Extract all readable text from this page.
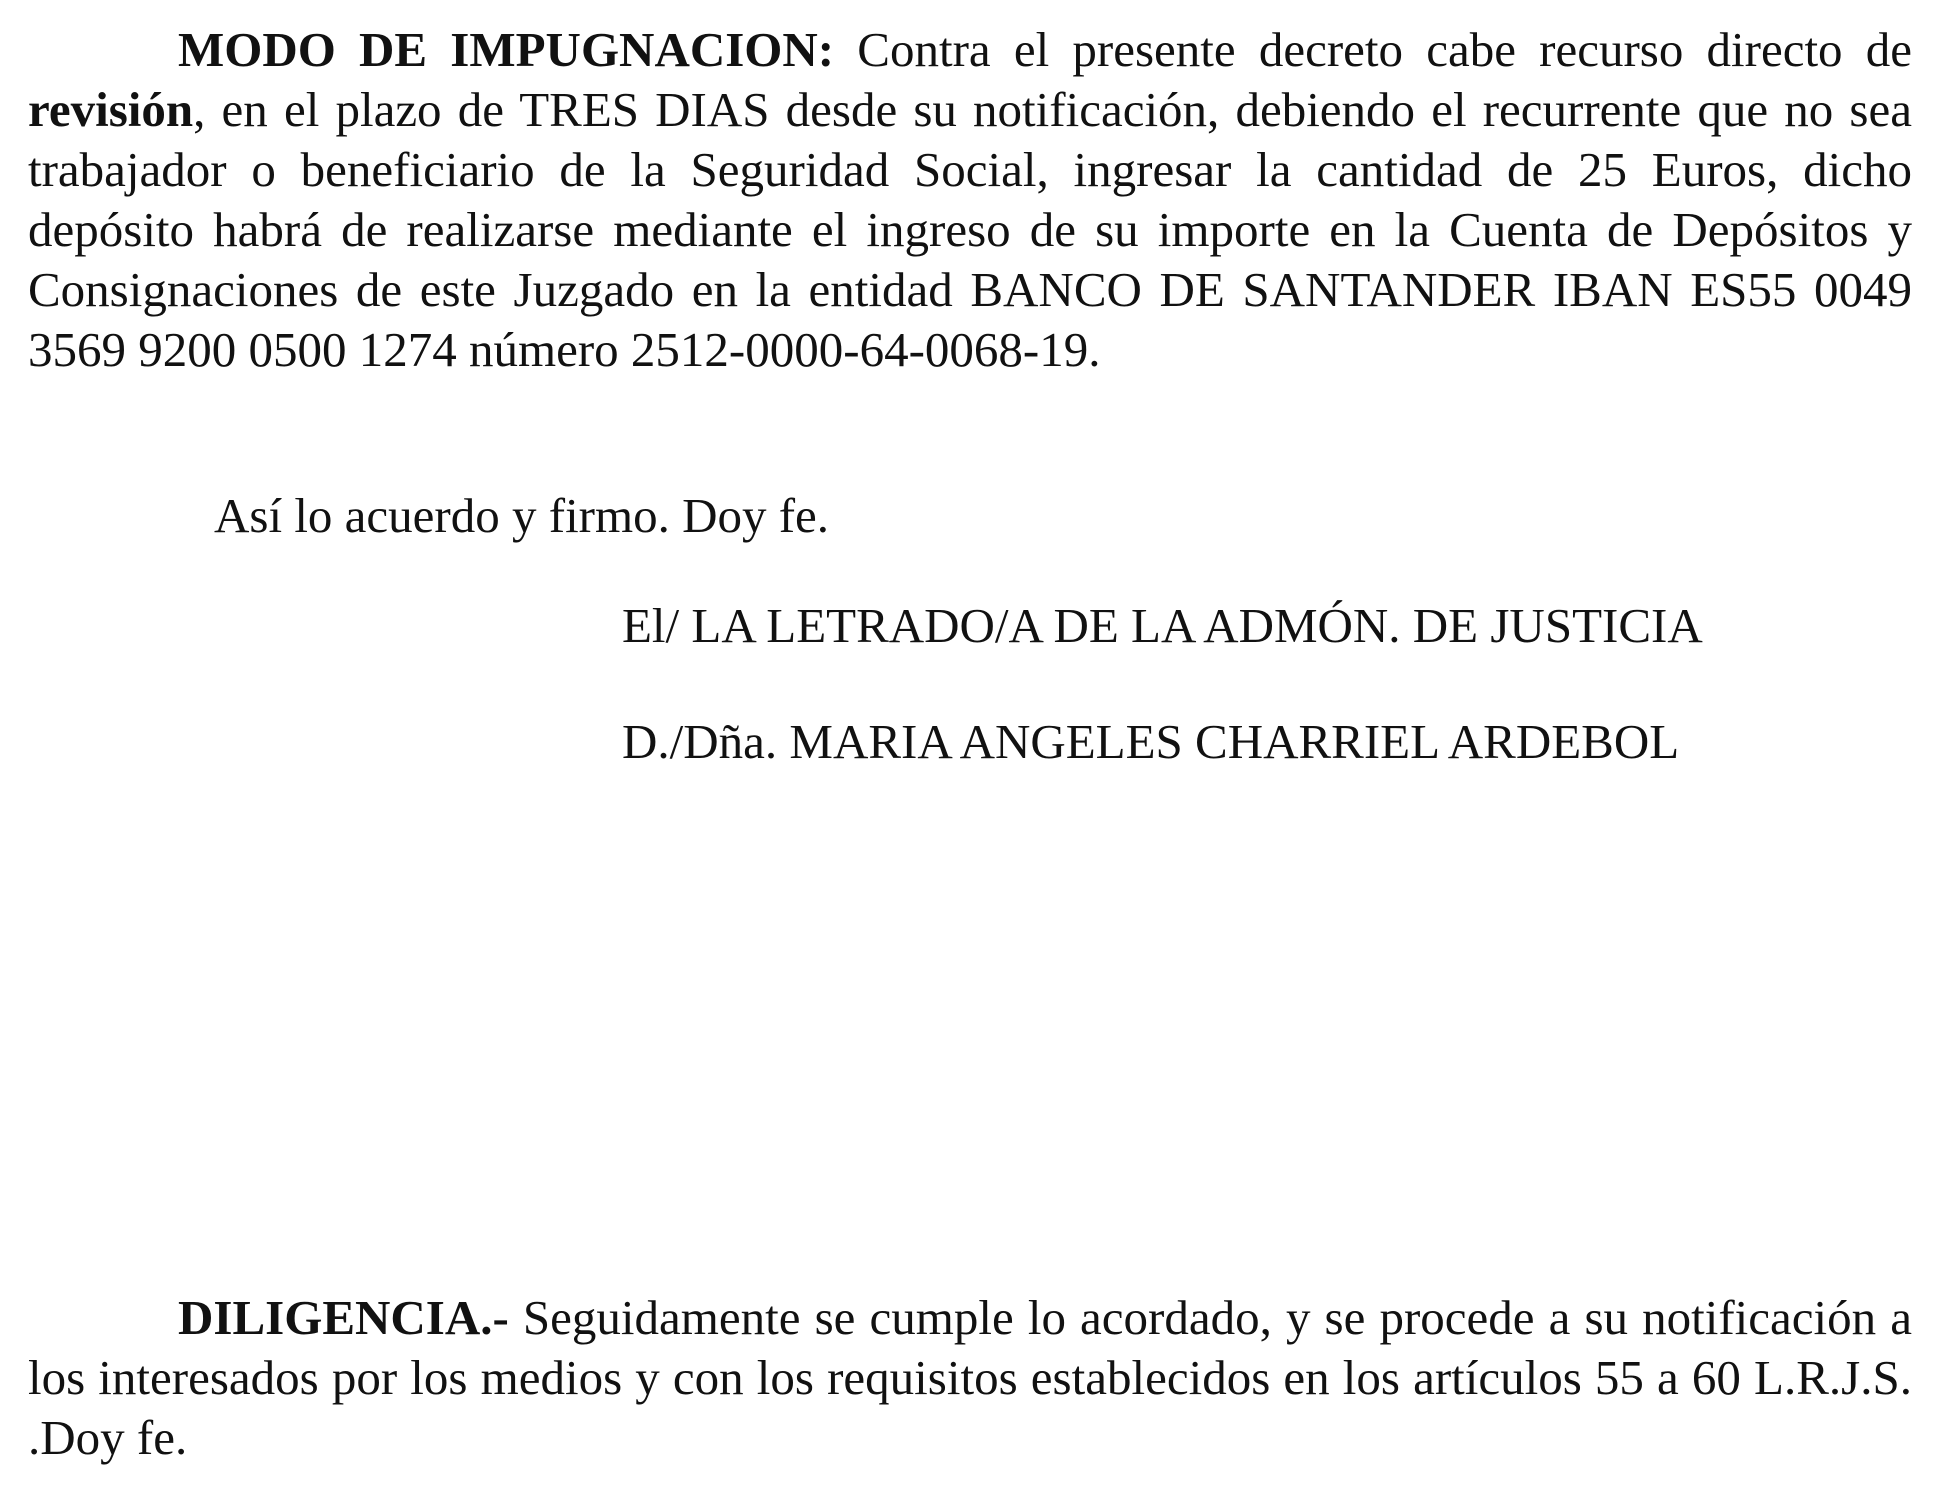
MODO DE IMPUGNACION: Contra el presente decreto cabe recurso directo de revisión, en el plazo de TRES DIAS desde su notificación, debiendo el recurrente que no sea trabajador o beneficiario de la Seguridad Social, ingresar la cantidad de 25 Euros, dicho depósito habrá de realizarse mediante el ingreso de su importe en la Cuenta de Depósitos y Consignaciones de este Juzgado en la entidad BANCO DE SANTANDER IBAN ES55 0049 3569 9200 0500 1274 número 2512-0000-64-0068-19.

Así lo acuerdo y firmo. Doy fe.

El/ LA LETRADO/A DE LA ADMÓN. DE JUSTICIA

D./Dña. MARIA ANGELES CHARRIEL ARDEBOL

DILIGENCIA.- Seguidamente se cumple lo acordado, y se procede a su notificación a los interesados por los medios y con los requisitos establecidos en los artículos 55 a 60 L.R.J.S. .Doy fe.
